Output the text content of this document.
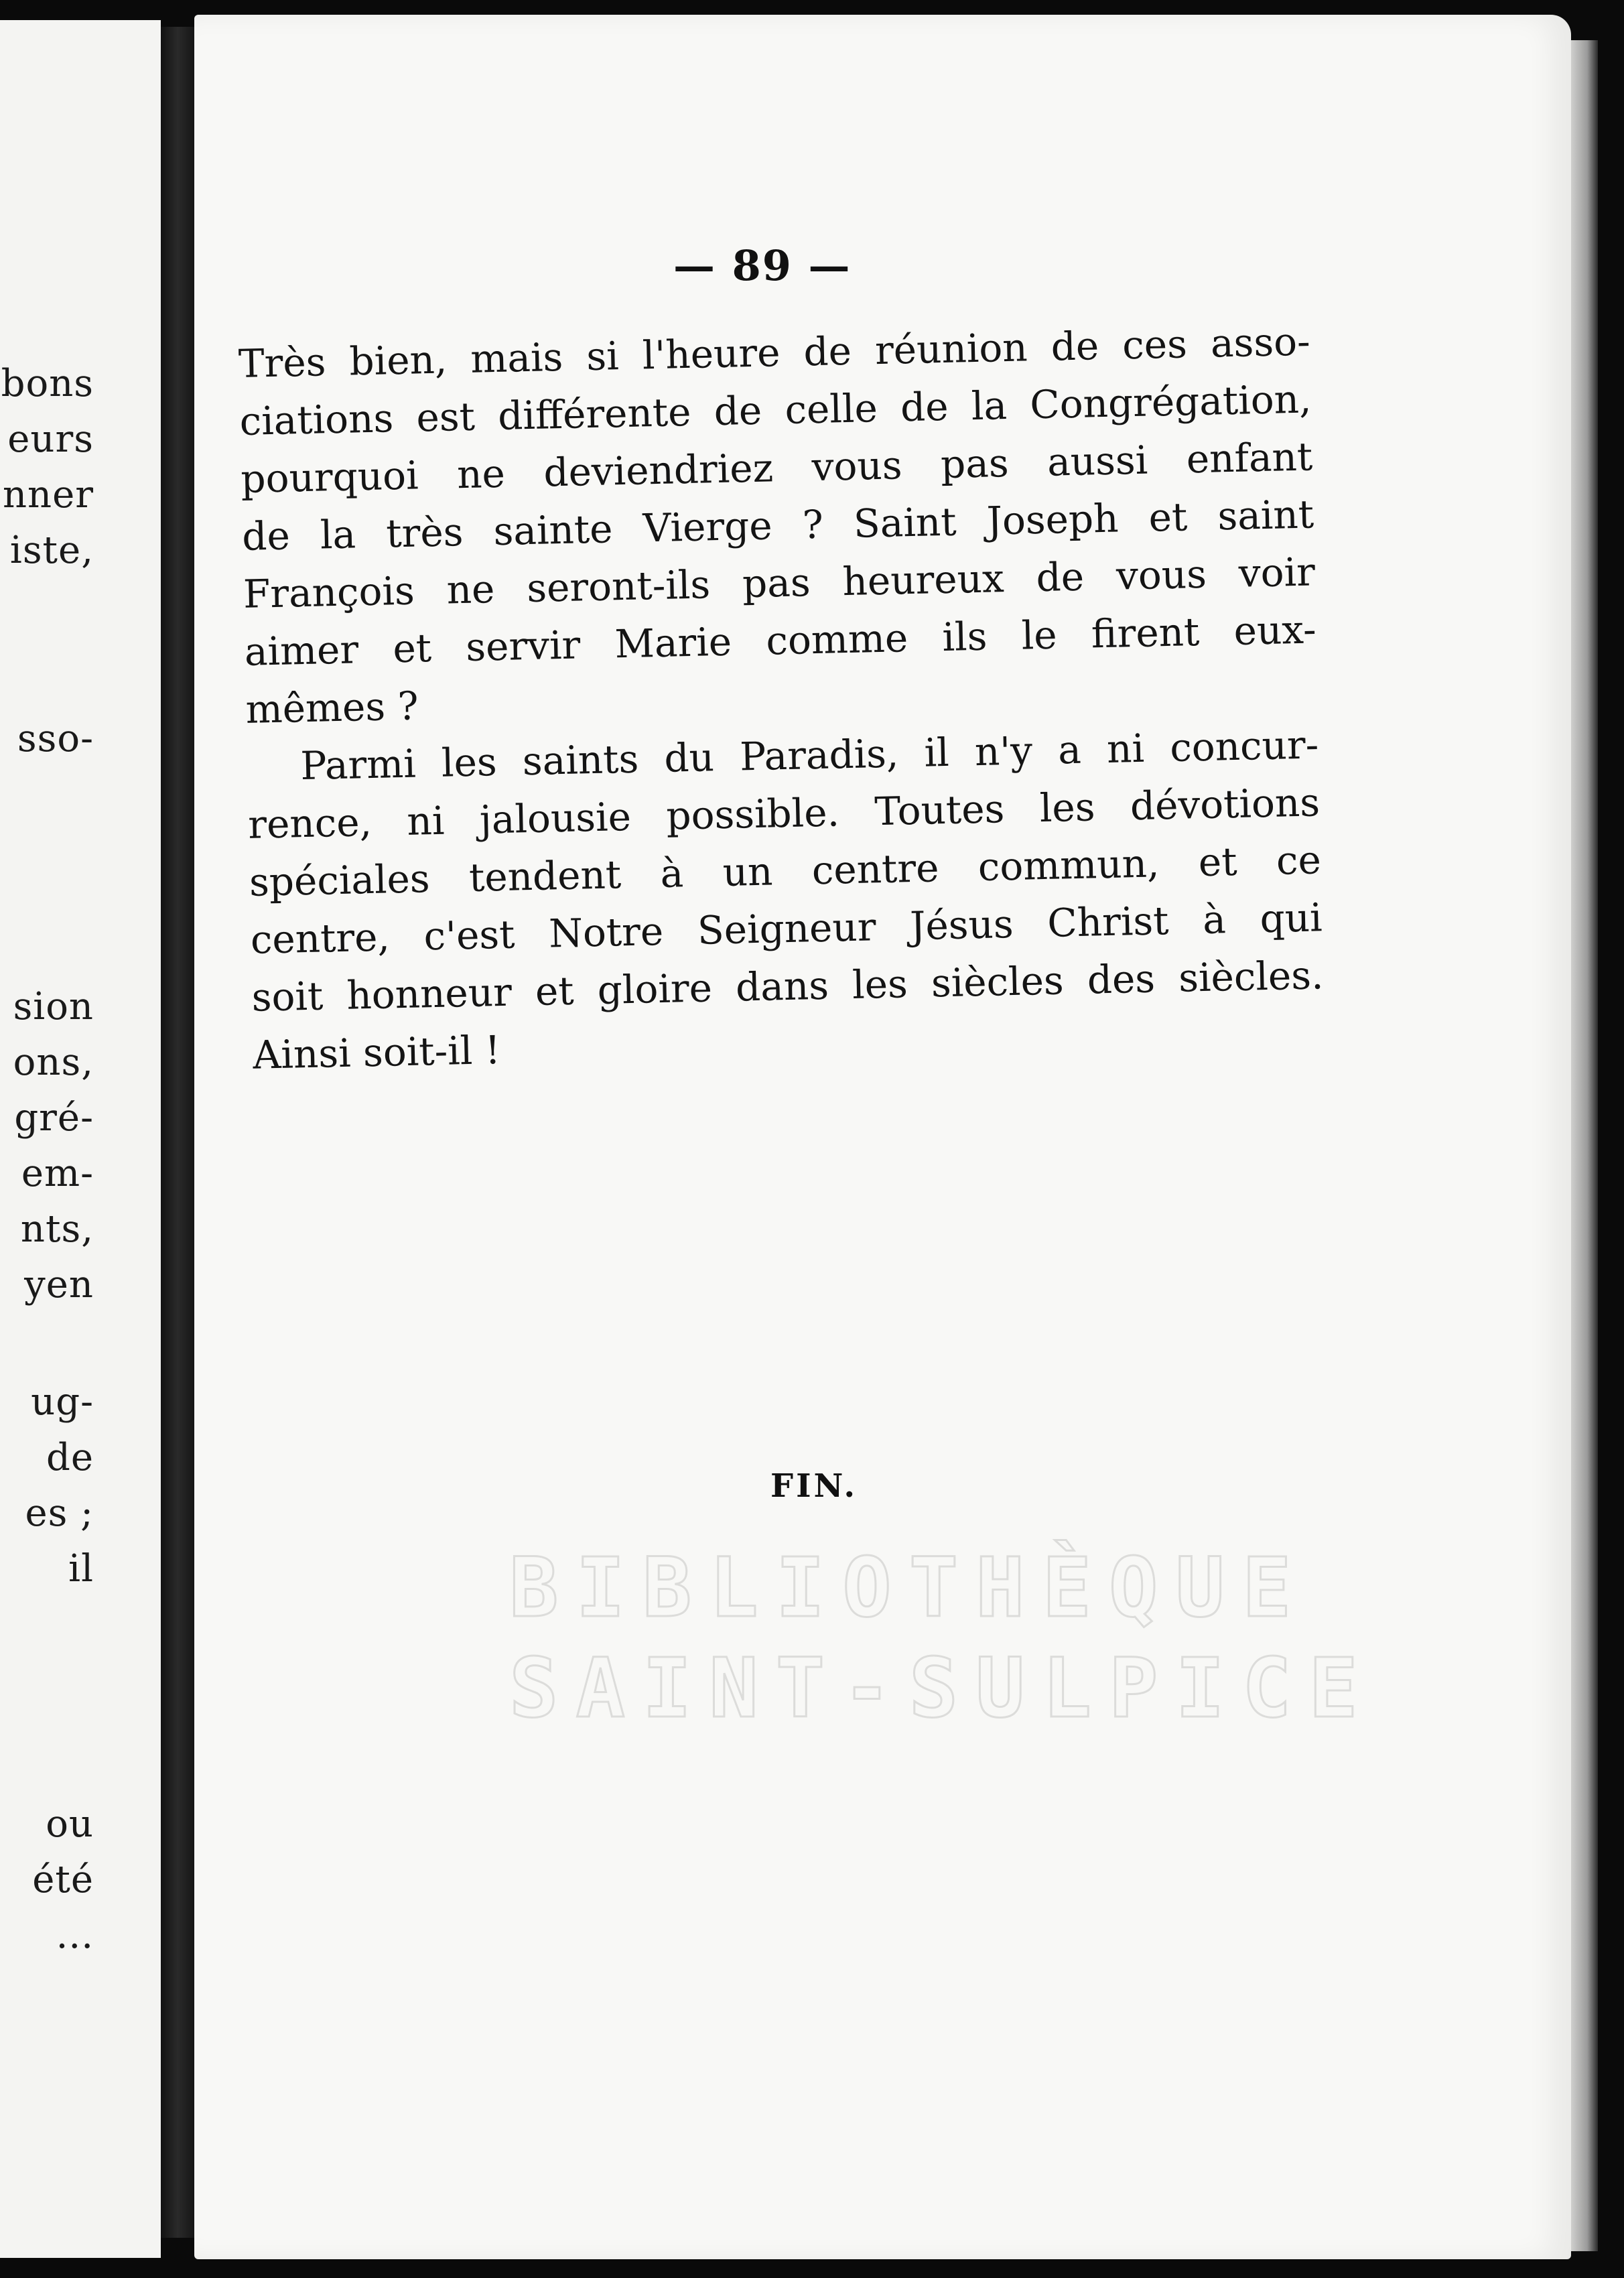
bons
eurs
nner
iste,
sso-
sion
ons,
gré-
em-
nts,
yen
ug-
de
es ;
il
ou
été
...
— 89 —
Très bien, mais si l'heure de réunion de ces asso-
ciations est différente de celle de la Congrégation,
pourquoi ne deviendriez vous pas aussi enfant
de la très sainte Vierge ? Saint Joseph et saint
François ne seront-ils pas heureux de vous voir
aimer et servir Marie comme ils le firent eux-
mêmes ?
Parmi les saints du Paradis, il n'y a ni concur-
rence, ni jalousie possible. Toutes les dévotions
spéciales tendent à un centre commun, et ce
centre, c'est Notre Seigneur Jésus Christ à qui
soit honneur et gloire dans les siècles des siècles.
Ainsi soit-il !
FIN.
BIBLIOTHÈQUE
SAINT-SULPICE
